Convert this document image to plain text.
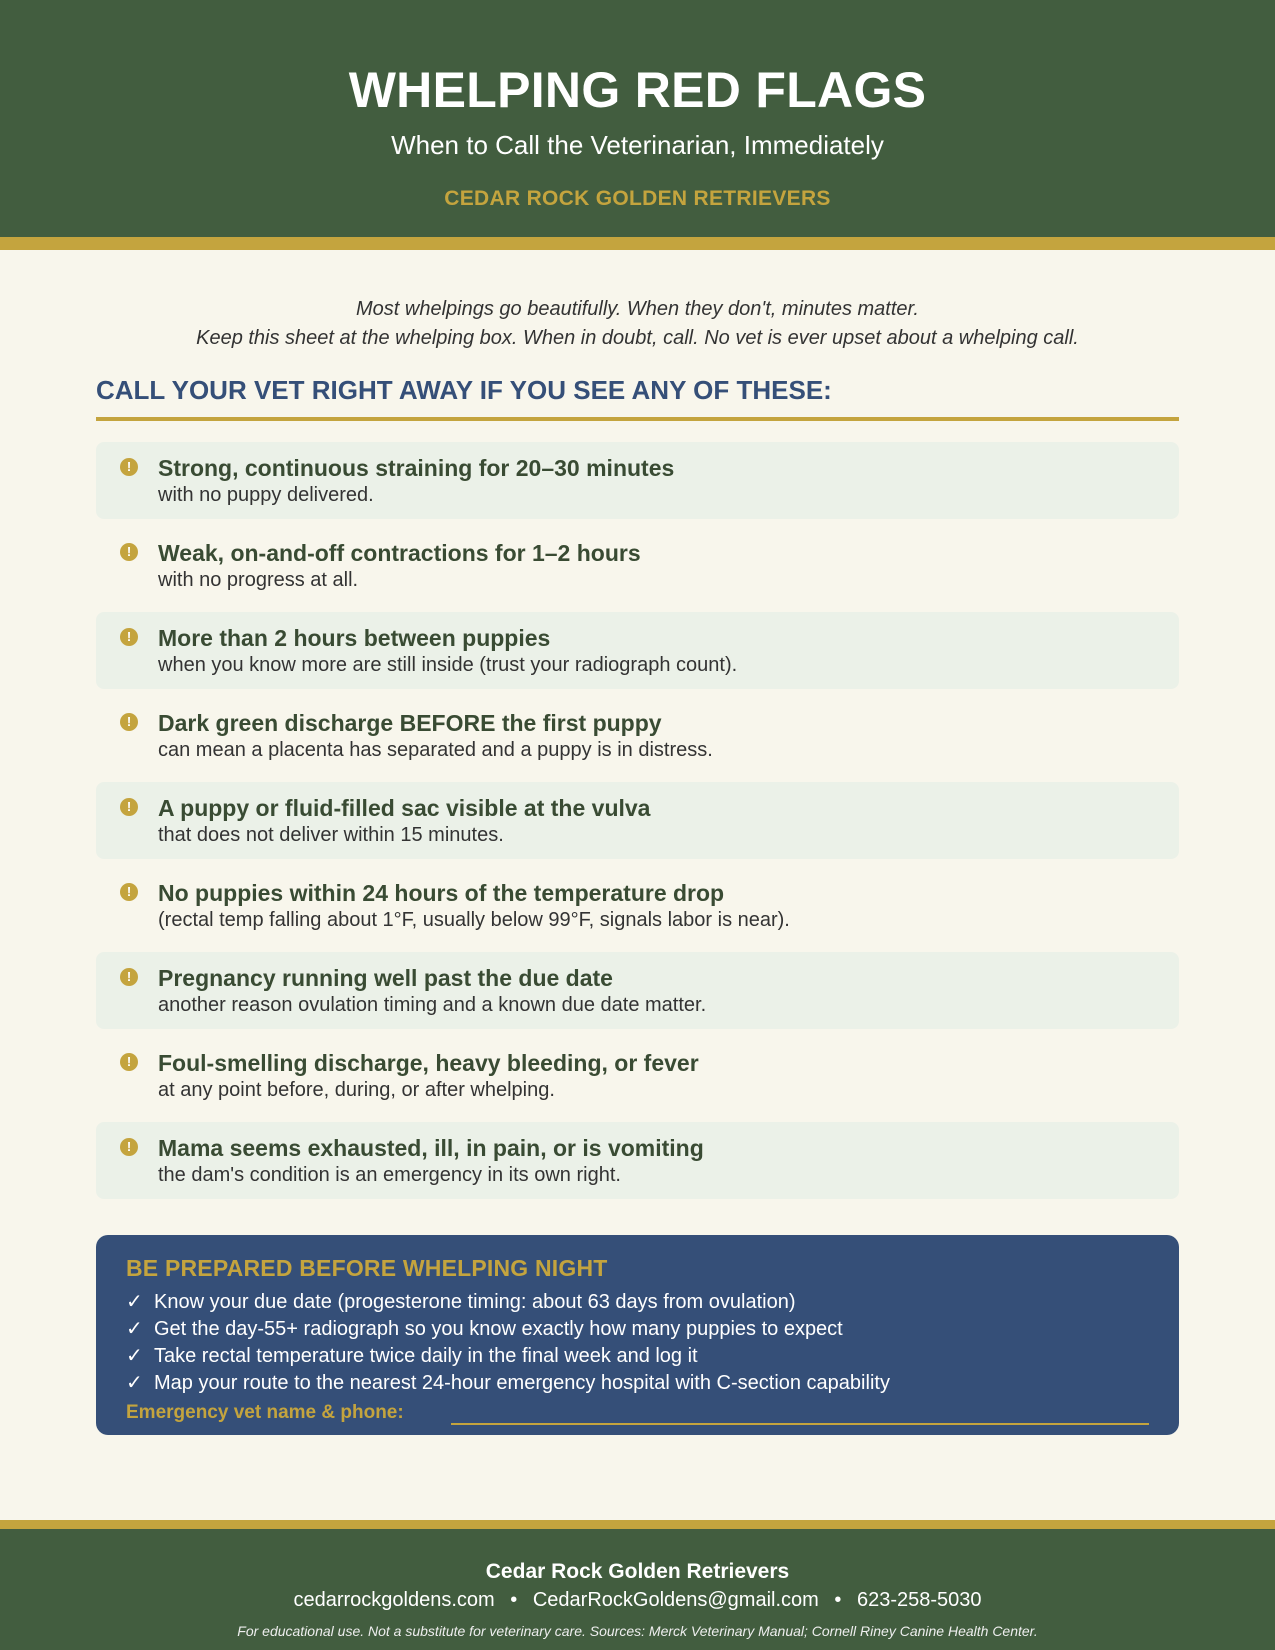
WHELPING RED FLAGS
When to Call the Veterinarian, Immediately
CEDAR ROCK GOLDEN RETRIEVERS
Most whelpings go beautifully. When they don't, minutes matter.
Keep this sheet at the whelping box. When in doubt, call. No vet is ever upset about a whelping call.
CALL YOUR VET RIGHT AWAY IF YOU SEE ANY OF THESE:
! Strong, continuous straining for 20–30 minutes
with no puppy delivered.
! Weak, on-and-off contractions for 1–2 hours
with no progress at all.
! More than 2 hours between puppies
when you know more are still inside (trust your radiograph count).
! Dark green discharge BEFORE the first puppy
can mean a placenta has separated and a puppy is in distress.
! A puppy or fluid-filled sac visible at the vulva
that does not deliver within 15 minutes.
! No puppies within 24 hours of the temperature drop
(rectal temp falling about 1°F, usually below 99°F, signals labor is near).
! Pregnancy running well past the due date
another reason ovulation timing and a known due date matter.
! Foul-smelling discharge, heavy bleeding, or fever
at any point before, during, or after whelping.
! Mama seems exhausted, ill, in pain, or is vomiting
the dam's condition is an emergency in its own right.
BE PREPARED BEFORE WHELPING NIGHT
✓ Know your due date (progesterone timing: about 63 days from ovulation)
✓ Get the day-55+ radiograph so you know exactly how many puppies to expect
✓ Take rectal temperature twice daily in the final week and log it
✓ Map your route to the nearest 24-hour emergency hospital with C-section capability
Emergency vet name & phone:
Cedar Rock Golden Retrievers
cedarrockgoldens.com • CedarRockGoldens@gmail.com • 623-258-5030
For educational use. Not a substitute for veterinary care. Sources: Merck Veterinary Manual; Cornell Riney Canine Health Center.
